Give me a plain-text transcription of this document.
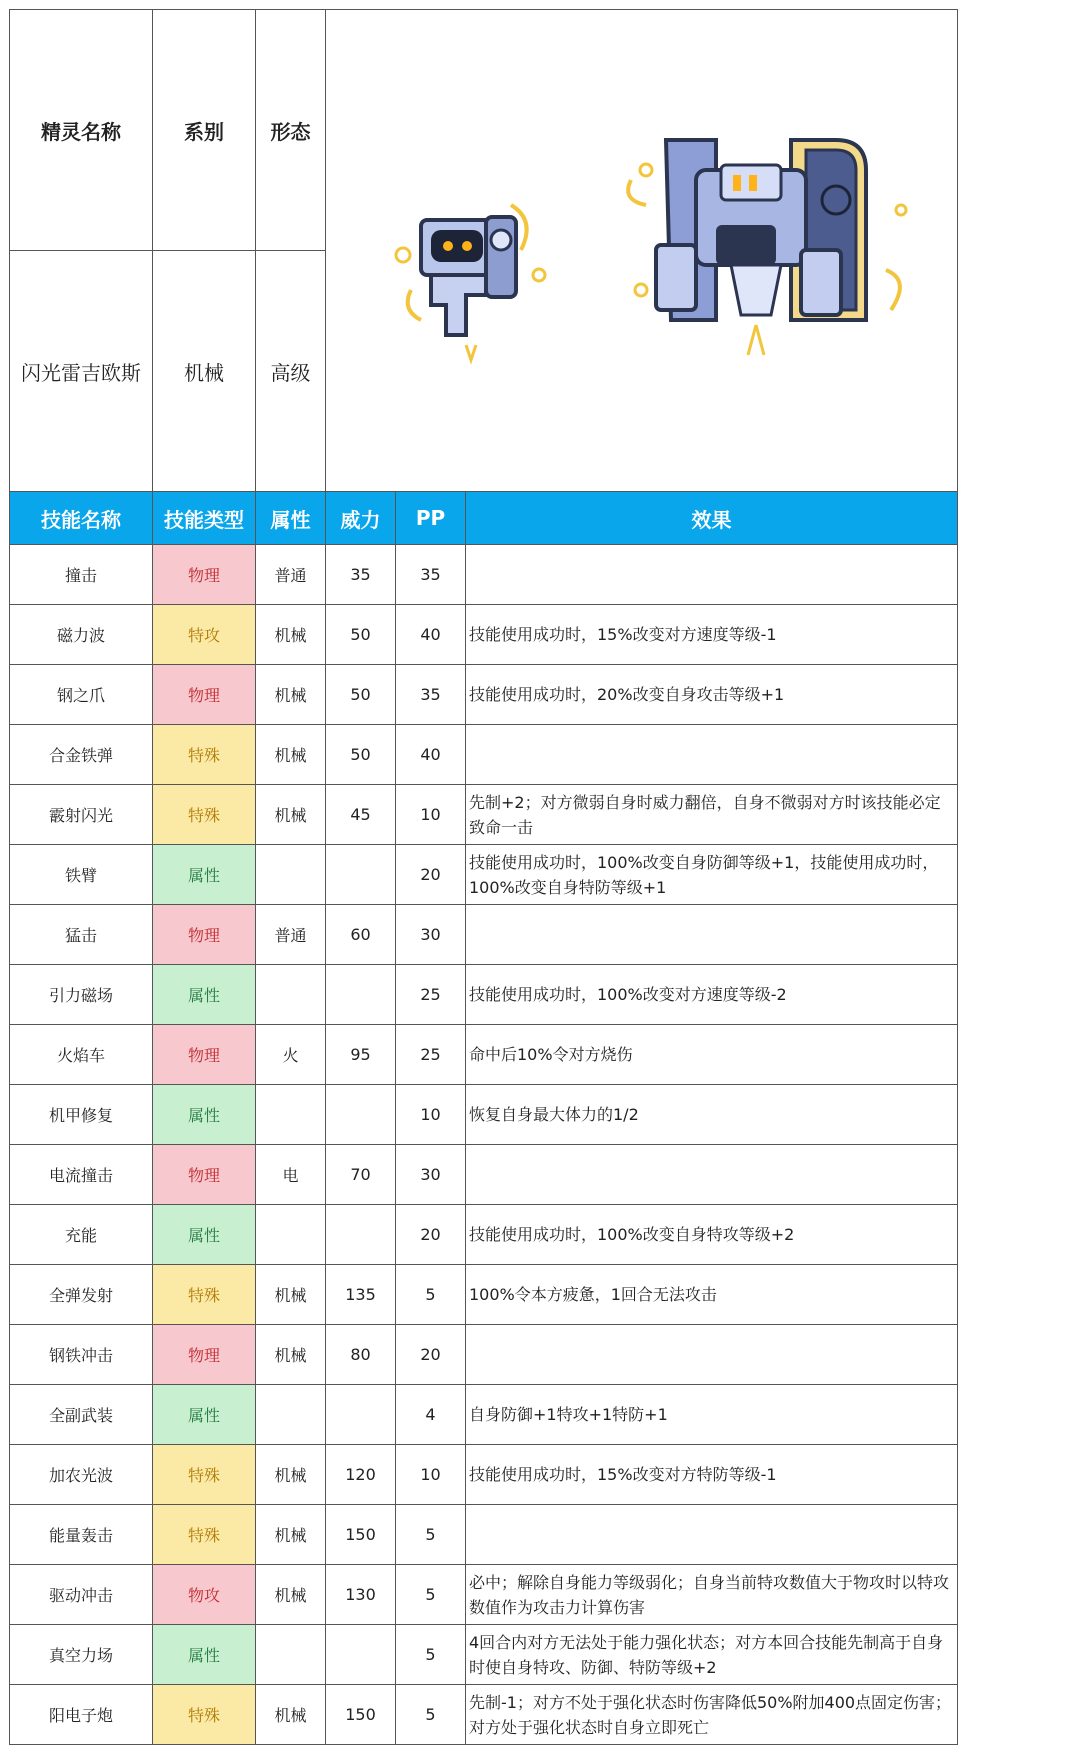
精灵名称	系别	形态	

闪光雷吉欧斯	机械	高级			
技能名称	技能类型	属性	威力	PP	效果
撞击	物理	普通	35	35	
磁力波	特攻	机械	50	40	技能使用成功时，15%改变对方速度等级-1
钢之爪	物理	机械	50	35	技能使用成功时，20%改变自身攻击等级+1
合金铁弹	特殊	机械	50	40	
霰射闪光	特殊	机械	45	10	先制+2；对方微弱自身时威力翻倍，自身不微弱对方时该技能必定致命一击
铁臂	属性			20	技能使用成功时，100%改变自身防御等级+1，技能使用成功时，100%改变自身特防等级+1
猛击	物理	普通	60	30	
引力磁场	属性			25	技能使用成功时，100%改变对方速度等级-2
火焰车	物理	火	95	25	命中后10%令对方烧伤
机甲修复	属性			10	恢复自身最大体力的1/2
电流撞击	物理	电	70	30	
充能	属性			20	技能使用成功时，100%改变自身特攻等级+2
全弹发射	特殊	机械	135	5	100%令本方疲惫，1回合无法攻击
钢铁冲击	物理	机械	80	20	
全副武装	属性			4	自身防御+1特攻+1特防+1
加农光波	特殊	机械	120	10	技能使用成功时，15%改变对方特防等级-1
能量轰击	特殊	机械	150	5	
驱动冲击	物攻	机械	130	5	必中；解除自身能力等级弱化；自身当前特攻数值大于物攻时以特攻数值作为攻击力计算伤害
真空力场	属性			5	4回合内对方无法处于能力强化状态；对方本回合技能先制高于自身时使自身特攻、防御、特防等级+2
阳电子炮	特殊	机械	150	5	先制-1；对方不处于强化状态时伤害降低50%附加400点固定伤害；对方处于强化状态时自身立即死亡
